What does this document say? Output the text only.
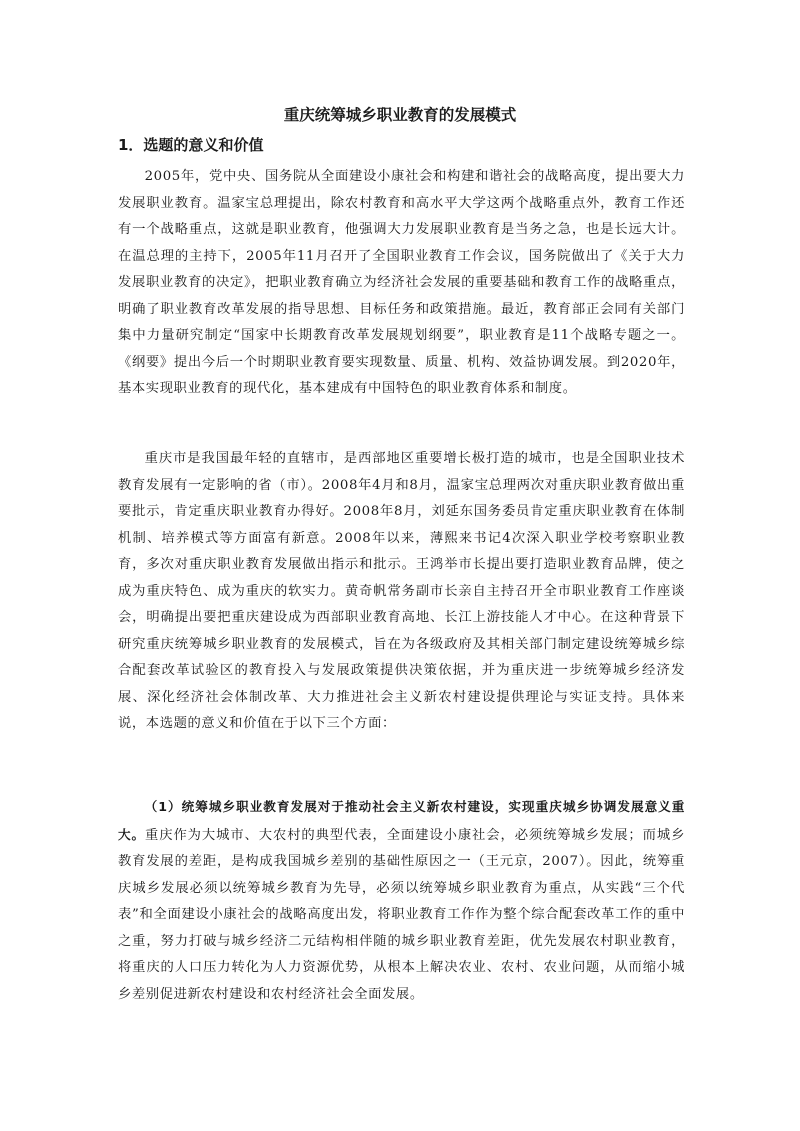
重庆统筹城乡职业教育的发展模式
1．选题的意义和价值

2005年，党中央、国务院从全面建设小康社会和构建和谐社会的战略高度，提出要大力发展职业教育。温家宝总理提出，除农村教育和高水平大学这两个战略重点外，教育工作还有一个战略重点，这就是职业教育，他强调大力发展职业教育是当务之急，也是长远大计。在温总理的主持下，2005年11月召开了全国职业教育工作会议，国务院做出了《关于大力发展职业教育的决定》，把职业教育确立为经济社会发展的重要基础和教育工作的战略重点，明确了职业教育改革发展的指导思想、目标任务和政策措施。最近，教育部正会同有关部门集中力量研究制定“国家中长期教育改革发展规划纲要”，职业教育是11个战略专题之一。《纲要》提出今后一个时期职业教育要实现数量、质量、机构、效益协调发展。到2020年，基本实现职业教育的现代化，基本建成有中国特色的职业教育体系和制度。

重庆市是我国最年轻的直辖市，是西部地区重要增长极打造的城市，也是全国职业技术教育发展有一定影响的省（市）。2008年4月和8月，温家宝总理两次对重庆职业教育做出重要批示，肯定重庆职业教育办得好。2008年8月，刘延东国务委员肯定重庆职业教育在体制机制、培养模式等方面富有新意。2008年以来，薄熙来书记4次深入职业学校考察职业教育，多次对重庆职业教育发展做出指示和批示。王鸿举市长提出要打造职业教育品牌，使之成为重庆特色、成为重庆的软实力。黄奇帆常务副市长亲自主持召开全市职业教育工作座谈会，明确提出要把重庆建设成为西部职业教育高地、长江上游技能人才中心。在这种背景下研究重庆统筹城乡职业教育的发展模式，旨在为各级政府及其相关部门制定建设统筹城乡综合配套改革试验区的教育投入与发展政策提供决策依据，并为重庆进一步统筹城乡经济发展、深化经济社会体制改革、大力推进社会主义新农村建设提供理论与实证支持。具体来说，本选题的意义和价值在于以下三个方面：

（1）统筹城乡职业教育发展对于推动社会主义新农村建设，实现重庆城乡协调发展意义重大。重庆作为大城市、大农村的典型代表，全面建设小康社会，必须统筹城乡发展；而城乡教育发展的差距，是构成我国城乡差别的基础性原因之一（王元京，2007）。因此，统筹重庆城乡发展必须以统筹城乡教育为先导，必须以统筹城乡职业教育为重点，从实践“三个代表”和全面建设小康社会的战略高度出发，将职业教育工作作为整个综合配套改革工作的重中之重，努力打破与城乡经济二元结构相伴随的城乡职业教育差距，优先发展农村职业教育，将重庆的人口压力转化为人力资源优势，从根本上解决农业、农村、农业问题，从而缩小城乡差别促进新农村建设和农村经济社会全面发展。
